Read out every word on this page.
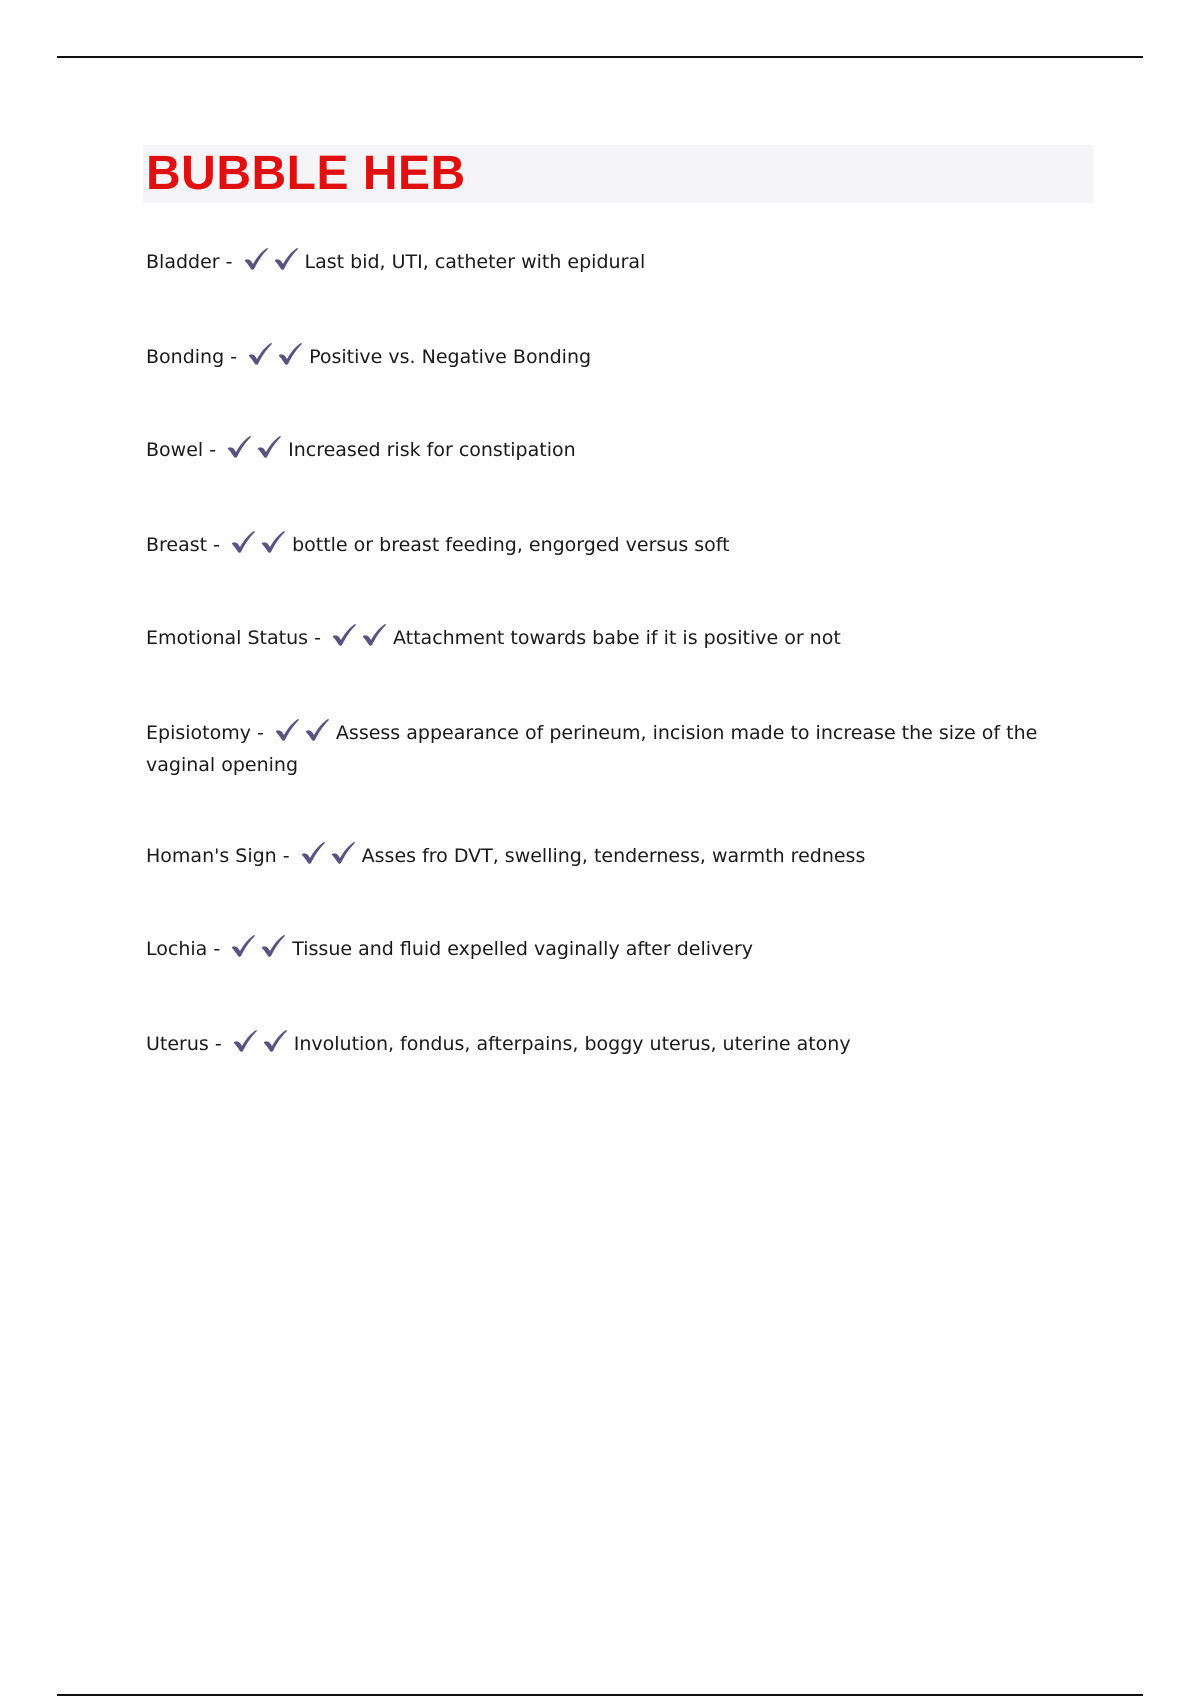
BUBBLE HEB
Bladder -	Last bid, UTI, catheter with epidural
Bonding -	Positive vs. Negative Bonding
Bowel -	Increased risk for constipation
Breast -	bottle or breast feeding, engorged versus soft
Emotional Status -	Attachment towards babe if it is positive or not
Episiotomy -	Assess appearance of perineum, incision made to increase the size of the vaginal opening
Homan's Sign -	Asses fro DVT, swelling, tenderness, warmth redness
Lochia -	Tissue and fluid expelled vaginally after delivery
Uterus -	Involution, fondus, afterpains, boggy uterus, uterine atony
